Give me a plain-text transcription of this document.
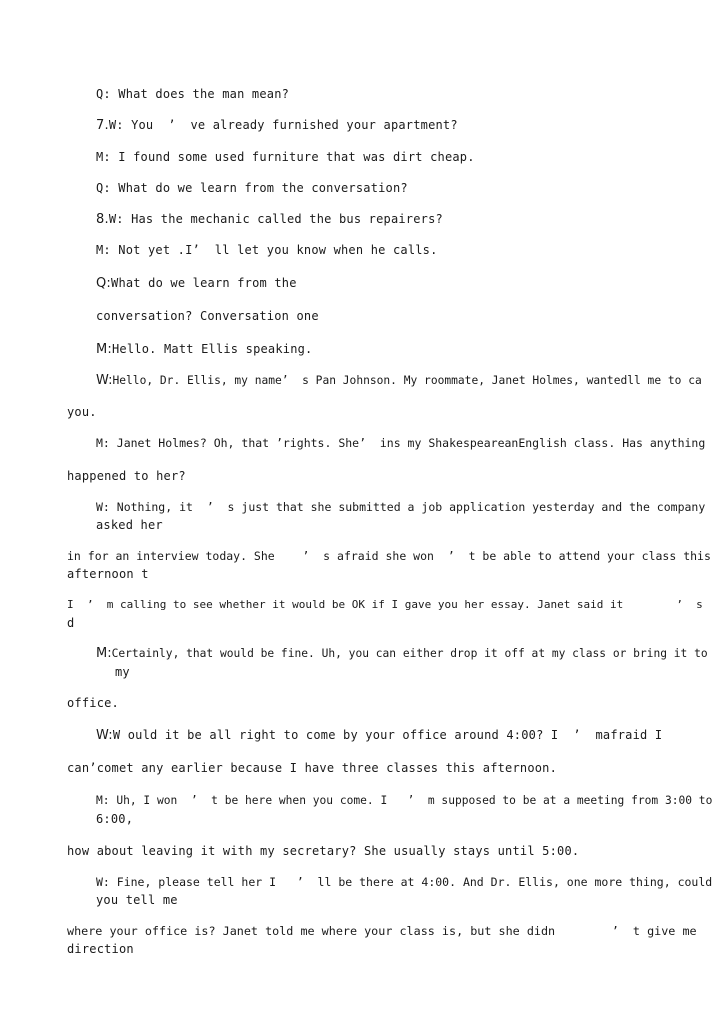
Q: What does the man mean?

7.W: You  ’  ve already furnished your apartment?

M: I found some used furniture that was dirt cheap.

Q: What do we learn from the conversation?

8.W: Has the mechanic called the bus repairers?

M: Not yet .I’  ll let you know when he calls.

Q:What do we learn from the

conversation? Conversation one

M:Hello. Matt Ellis speaking.

W:Hello, Dr. Ellis, my name’  s Pan Johnson. My roommate, Janet Holmes, wantedll me to ca

you.

M: Janet Holmes? Oh, that ’rights. She’  ins my ShakespeareanEnglish class. Has anything

happened to her?

W: Nothing, it  ’  s just that she submitted a job application yesterday and the company

asked her

in for an interview today. She    ’  s afraid she won  ’  t be able to attend your class this

afternoon t

I  ’  m calling to see whether it would be OK if I gave you her essay. Janet said it        ’  s

d

M:Certainly, that would be fine. Uh, you can either drop it off at my class or bring it to

my

office.

W:W ould it be all right to come by your office around 4:00? I  ’  mafraid I

can’comet any earlier because I have three classes this afternoon.

M: Uh, I won  ’  t be here when you come. I   ’  m supposed to be at a meeting from 3:00 to

6:00,

how about leaving it with my secretary? She usually stays until 5:00.

W: Fine, please tell her I   ’  ll be there at 4:00. And Dr. Ellis, one more thing, could

you tell me

where your office is? Janet told me where your class is, but she didn        ’  t give me

direction
